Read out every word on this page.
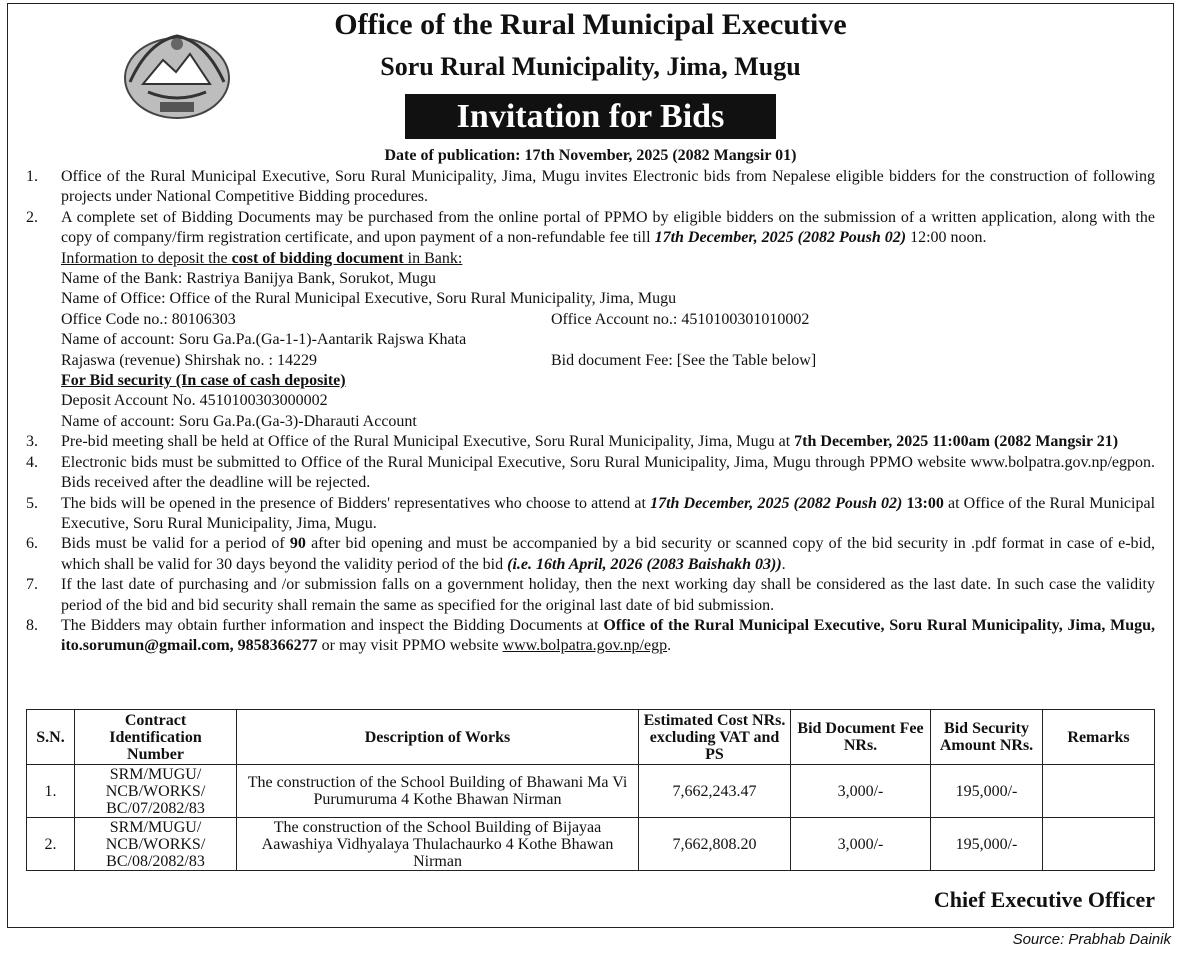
Office of the Rural Municipal Executive
Soru Rural Municipality, Jima, Mugu
Invitation for Bids
Date of publication: 17th November, 2025 (2082 Mangsir 01)
1. Office of the Rural Municipal Executive, Soru Rural Municipality, Jima, Mugu invites Electronic bids from Nepalese eligible bidders for the construction of following projects under National Competitive Bidding procedures.
2. A complete set of Bidding Documents may be purchased from the online portal of PPMO by eligible bidders on the submission of a written application, along with the copy of company/firm registration certificate, and upon payment of a non-refundable fee till 17th December, 2025 (2082 Poush 02) 12:00 noon.
Information to deposit the cost of bidding document in Bank:
Name of the Bank: Rastriya Banijya Bank, Sorukot, Mugu
Name of Office: Office of the Rural Municipal Executive, Soru Rural Municipality, Jima, Mugu
Office Code no.: 80106303	Office Account no.: 4510100301010002
Name of account: Soru Ga.Pa.(Ga-1-1)-Aantarik Rajswa Khata
Rajaswa (revenue) Shirshak no. : 14229	Bid document Fee: [See the Table below]
For Bid security (In case of cash deposite)
Deposit Account No. 4510100303000002
Name of account: Soru Ga.Pa.(Ga-3)-Dharauti Account
3. Pre-bid meeting shall be held at Office of the Rural Municipal Executive, Soru Rural Municipality, Jima, Mugu at 7th December, 2025 11:00am (2082 Mangsir 21)
4. Electronic bids must be submitted to Office of the Rural Municipal Executive, Soru Rural Municipality, Jima, Mugu through PPMO website www.bolpatra.gov.np/egpon. Bids received after the deadline will be rejected.
5. The bids will be opened in the presence of Bidders' representatives who choose to attend at 17th December, 2025 (2082 Poush 02) 13:00 at Office of the Rural Municipal Executive, Soru Rural Municipality, Jima, Mugu.
6. Bids must be valid for a period of 90 after bid opening and must be accompanied by a bid security or scanned copy of the bid security in .pdf format in case of e-bid, which shall be valid for 30 days beyond the validity period of the bid (i.e. 16th April, 2026 (2083 Baishakh 03)).
7. If the last date of purchasing and /or submission falls on a government holiday, then the next working day shall be considered as the last date. In such case the validity period of the bid and bid security shall remain the same as specified for the original last date of bid submission.
8. The Bidders may obtain further information and inspect the Bidding Documents at Office of the Rural Municipal Executive, Soru Rural Municipality, Jima, Mugu, ito.sorumun@gmail.com, 9858366277 or may visit PPMO website www.bolpatra.gov.np/egp.
S.N.	Contract Identification Number	Description of Works	Estimated Cost NRs. excluding VAT and PS	Bid Document Fee NRs.	Bid Security Amount NRs.	Remarks
1.	SRM/MUGU/ NCB/WORKS/ BC/07/2082/83	The construction of the School Building of Bhawani Ma Vi Purumuruma 4 Kothe Bhawan Nirman	7,662,243.47	3,000/-	195,000/-	
2.	SRM/MUGU/ NCB/WORKS/ BC/08/2082/83	The construction of the School Building of Bijayaa Aawashiya Vidhyalaya Thulachaurko 4 Kothe Bhawan Nirman	7,662,808.20	3,000/-	195,000/-	
Chief Executive Officer
Source: Prabhab Dainik
